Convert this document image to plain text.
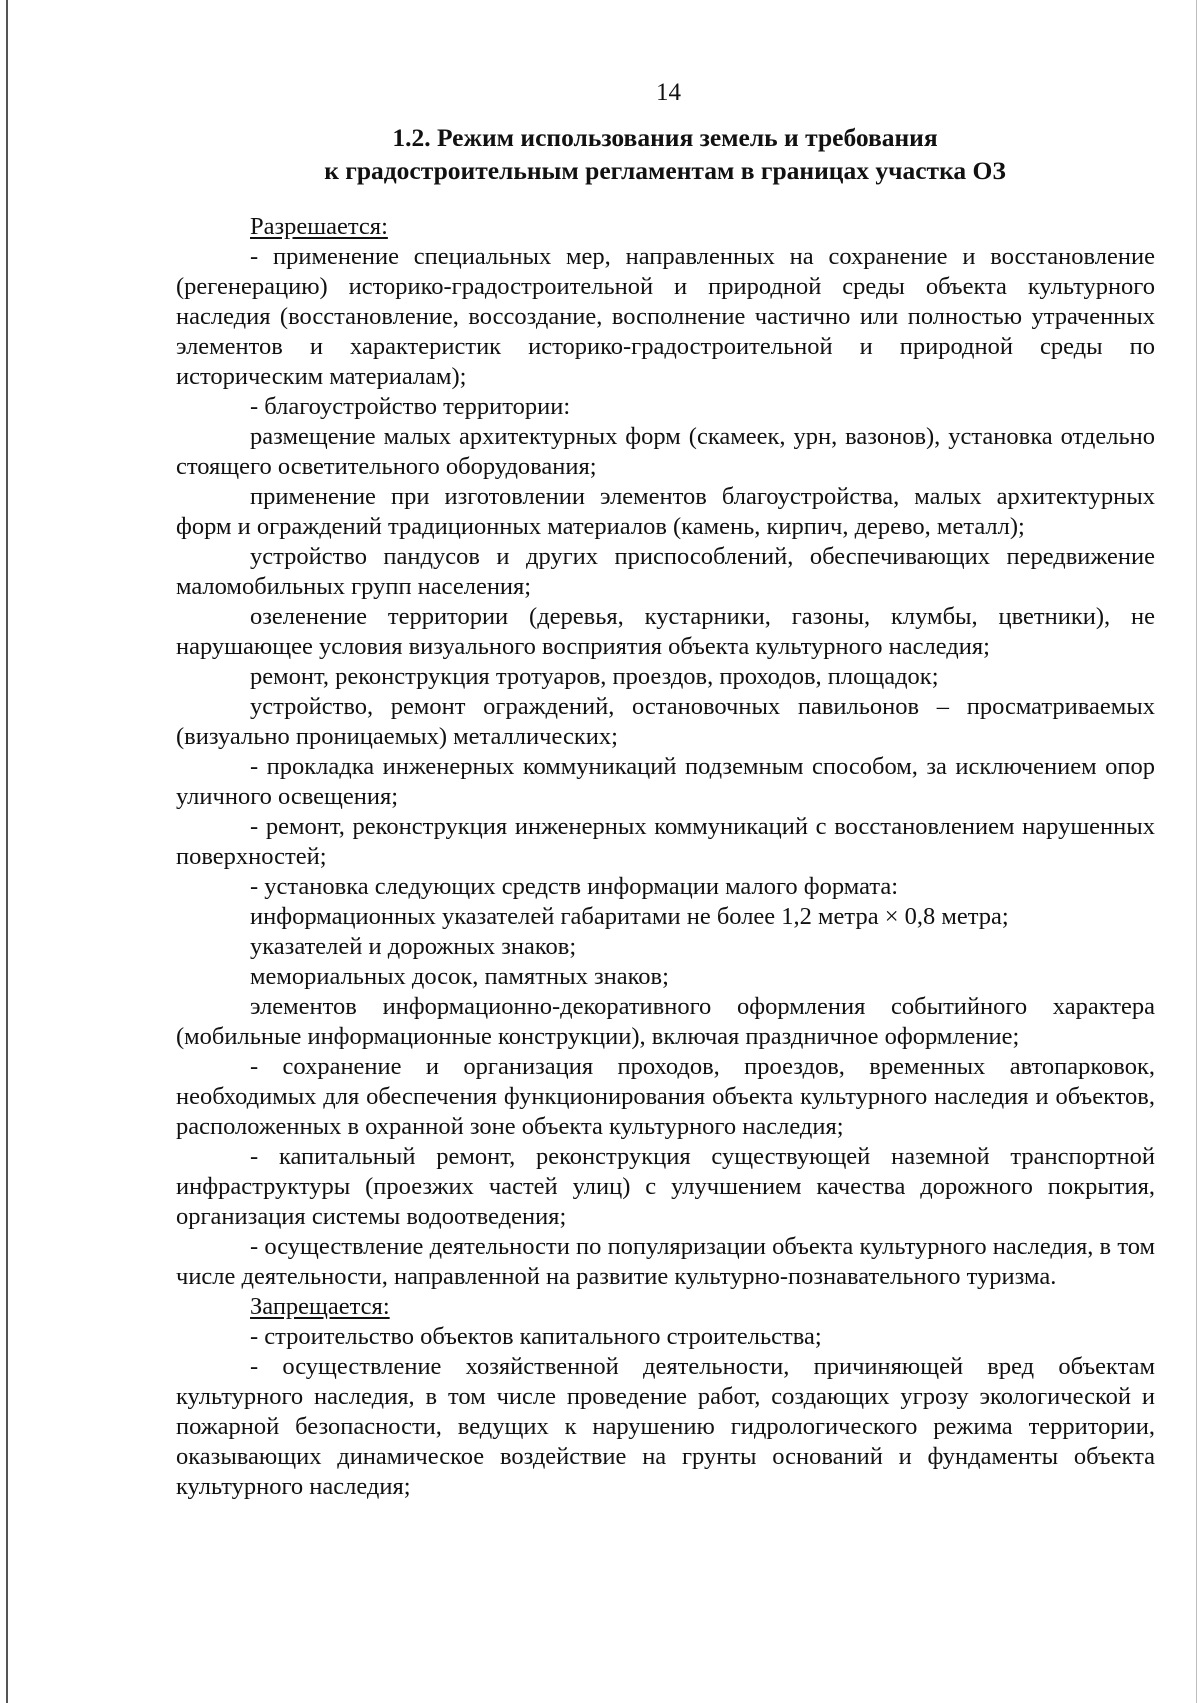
14
1.2. Режим использования земель и требования
к градостроительным регламентам в границах участка ОЗ

Разрешается:

- применение специальных мер, направленных на сохранение и восстановление (регенерацию) историко-градостроительной и природной среды объекта культурного наследия (восстановление, воссоздание, восполнение частично или полностью утраченных элементов и характеристик историко-градостроительной и природной среды по историческим материалам);

- благоустройство территории:

размещение малых архитектурных форм (скамеек, урн, вазонов), установка отдельно стоящего осветительного оборудования;

применение при изготовлении элементов благоустройства, малых архитектурных форм и ограждений традиционных материалов (камень, кирпич, дерево, металл);

устройство пандусов и других приспособлений, обеспечивающих передвижение маломобильных групп населения;

озеленение территории (деревья, кустарники, газоны, клумбы, цветники), не нарушающее условия визуального восприятия объекта культурного наследия;

ремонт, реконструкция тротуаров, проездов, проходов, площадок;

устройство, ремонт ограждений, остановочных павильонов – просматриваемых (визуально проницаемых) металлических;

- прокладка инженерных коммуникаций подземным способом, за исключением опор уличного освещения;

- ремонт, реконструкция инженерных коммуникаций с восстановлением нарушенных поверхностей;

- установка следующих средств информации малого формата:

информационных указателей габаритами не более 1,2 метра × 0,8 метра;

указателей и дорожных знаков;

мемориальных досок, памятных знаков;

элементов информационно-декоративного оформления событийного характера (мобильные информационные конструкции), включая праздничное оформление;

- сохранение и организация проходов, проездов, временных автопарковок, необходимых для обеспечения функционирования объекта культурного наследия и объектов, расположенных в охранной зоне объекта культурного наследия;

- капитальный ремонт, реконструкция существующей наземной транспортной инфраструктуры (проезжих частей улиц) с улучшением качества дорожного покрытия, организация системы водоотведения;

- осуществление деятельности по популяризации объекта культурного наследия, в том числе деятельности, направленной на развитие культурно-познавательного туризма.

Запрещается:

- строительство объектов капитального строительства;

- осуществление хозяйственной деятельности, причиняющей вред объектам культурного наследия, в том числе проведение работ, создающих угрозу экологической и пожарной безопасности, ведущих к нарушению гидрологического режима территории, оказывающих динамическое воздействие на грунты оснований и фундаменты объекта культурного наследия;
